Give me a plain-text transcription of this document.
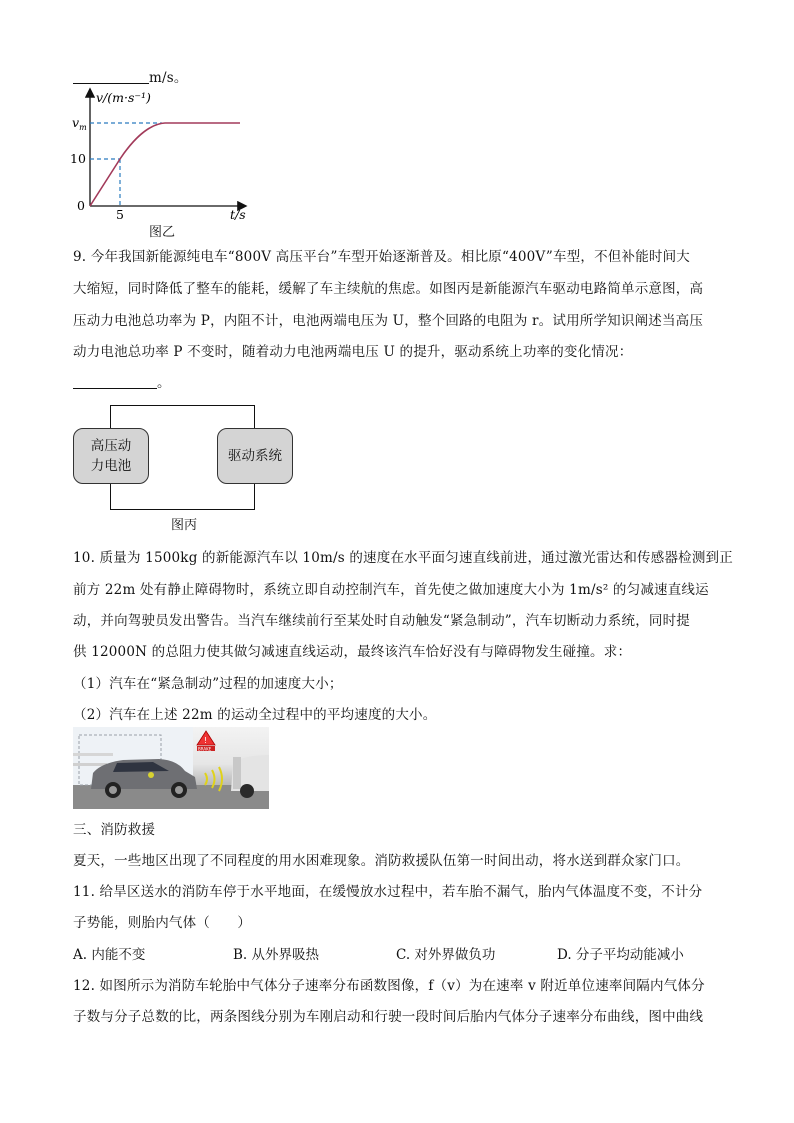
m/s。
v/(m·s⁻¹)
$v_m$
10
0
5	t/s
图乙
9. 今年我国新能源纯电车“800V 高压平台”车型开始逐渐普及。相比原“400V”车型，不但补能时间大
大缩短，同时降低了整车的能耗，缓解了车主续航的焦虑。如图丙是新能源汽车驱动电路简单示意图，高
压动力电池总功率为 P，内阻不计，电池两端电压为 U，整个回路的电阻为 r。试用所学知识阐述当高压
动力电池总功率 P 不变时，随着动力电池两端电压 U 的提升，驱动系统上功率的变化情况：
。
高压动
力电池
驱动系统
图丙
10. 质量为 1500kg 的新能源汽车以 10m/s 的速度在水平面匀速直线前进，通过激光雷达和传感器检测到正
前方 22m 处有静止障碍物时，系统立即自动控制汽车，首先使之做加速度大小为 1m/s² 的匀减速直线运
动，并向驾驶员发出警告。当汽车继续前行至某处时自动触发“紧急制动”，汽车切断动力系统，同时提
供 12000N 的总阻力使其做匀减速直线运动，最终该汽车恰好没有与障碍物发生碰撞。求：
（1）汽车在“紧急制动”过程的加速度大小；
（2）汽车在上述 22m 的运动全过程中的平均速度的大小。
!
BRAKE
三、消防救援
夏天，一些地区出现了不同程度的用水困难现象。消防救援队伍第一时间出动，将水送到群众家门口。
11. 给旱区送水的消防车停于水平地面，在缓慢放水过程中，若车胎不漏气，胎内气体温度不变，不计分
子势能，则胎内气体（　　）
A. 内能不变	B. 从外界吸热	C. 对外界做负功	D. 分子平均动能减小
12. 如图所示为消防车轮胎中气体分子速率分布函数图像，f（v）为在速率 v 附近单位速率间隔内气体分
子数与分子总数的比，两条图线分别为车刚启动和行驶一段时间后胎内气体分子速率分布曲线，图中曲线
